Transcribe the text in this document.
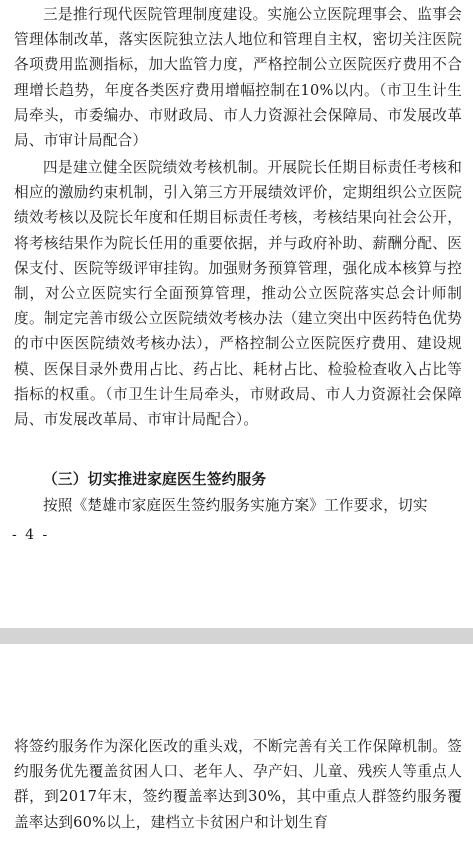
三是推行现代医院管理制度建设。实施公立医院理事会、监事会管理体制改革，落实医院独立法人地位和管理自主权，密切关注医院各项费用监测指标，加大监管力度，严格控制公立医院医疗费用不合理增长趋势，年度各类医疗费用增幅控制在10%以内。（市卫生计生局牵头，市委编办、市财政局、市人力资源社会保障局、市发展改革局、市审计局配合）

四是建立健全医院绩效考核机制。开展院长任期目标责任考核和相应的激励约束机制，引入第三方开展绩效评价，定期组织公立医院绩效考核以及院长年度和任期目标责任考核，考核结果向社会公开，将考核结果作为院长任用的重要依据，并与政府补助、薪酬分配、医保支付、医院等级评审挂钩。加强财务预算管理，强化成本核算与控制，对公立医院实行全面预算管理，推动公立医院落实总会计师制度。制定完善市级公立医院绩效考核办法（建立突出中医药特色优势的市中医医院绩效考核办法），严格控制公立医院医疗费用、建设规模、医保目录外费用占比、药占比、耗材占比、检验检查收入占比等指标的权重。（市卫生计生局牵头，市财政局、市人力资源社会保障局、市发展改革局、市审计局配合）。

（三）切实推进家庭医生签约服务

按照《楚雄市家庭医生签约服务实施方案》工作要求，切实

- 4 -

将签约服务作为深化医改的重头戏，不断完善有关工作保障机制。签约服务优先覆盖贫困人口、老年人、孕产妇、儿童、残疾人等重点人群，到2017年末，签约覆盖率达到30%，其中重点人群签约服务覆盖率达到60%以上，建档立卡贫困户和计划生育
